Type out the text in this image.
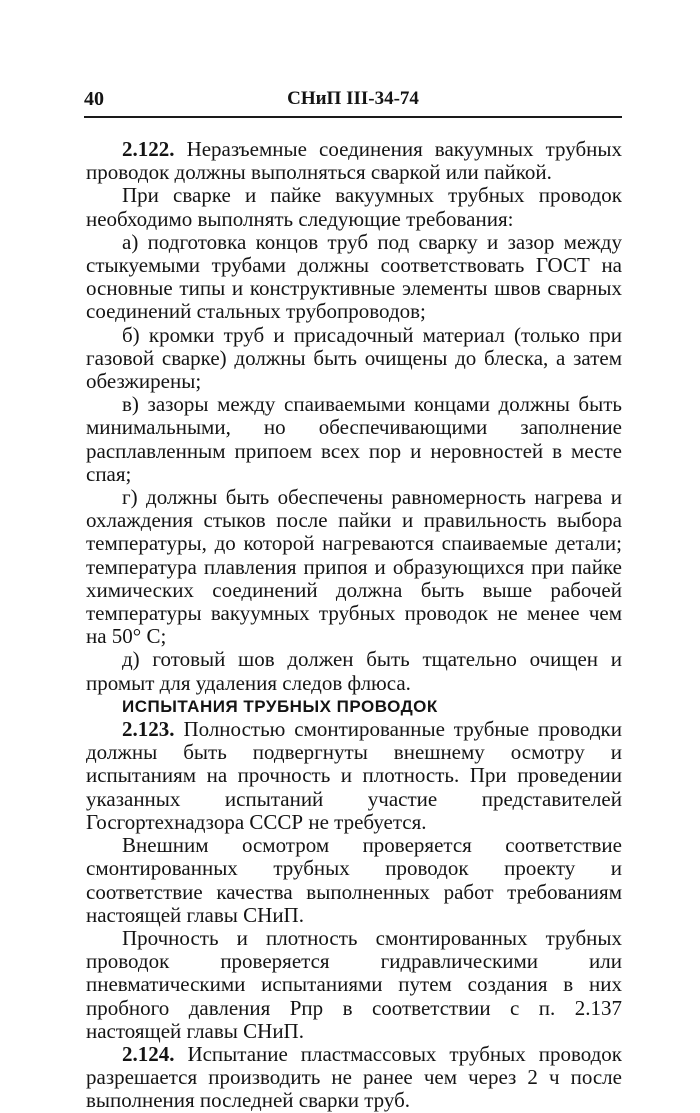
40	СНиП III-34-74

2.122. Неразъемные соединения вакуумных трубных проводок должны выполняться сваркой или пайкой.

При сварке и пайке вакуумных трубных проводок необходимо выполнять следующие требования:

а) подготовка концов труб под сварку и зазор между стыкуемыми трубами должны соответствовать ГОСТ на основные типы и конструктивные элементы швов сварных соединений стальных трубопроводов;

б) кромки труб и присадочный материал (только при газовой сварке) должны быть очищены до блеска, а затем обезжирены;

в) зазоры между спаиваемыми концами должны быть минимальными, но обеспечивающими заполнение расплавленным припоем всех пор и неровностей в месте спая;

г) должны быть обеспечены равномерность нагрева и охлаждения стыков после пайки и правильность выбора температуры, до которой нагреваются спаиваемые детали; температура плавления припоя и образующихся при пайке химических соединений должна быть выше рабочей температуры вакуумных трубных проводок не менее чем на 50° С;

д) готовый шов должен быть тщательно очищен и промыт для удаления следов флюса.

ИСПЫТАНИЯ ТРУБНЫХ ПРОВОДОК

2.123. Полностью смонтированные трубные проводки должны быть подвергнуты внешнему осмотру и испытаниям на прочность и плотность. При проведении указанных испытаний участие представителей Госгортехнадзора СССР не требуется.

Внешним осмотром проверяется соответствие смонтированных трубных проводок проекту и соответствие качества выполненных работ требованиям настоящей главы СНиП.

Прочность и плотность смонтированных трубных проводок проверяется гидравлическими или пневматическими испытаниями путем создания в них пробного давления Pпр в соответствии с п. 2.137 настоящей главы СНиП.

2.124. Испытание пластмассовых трубных проводок разрешается производить не ранее чем через 2 ч после выполнения последней сварки труб.
